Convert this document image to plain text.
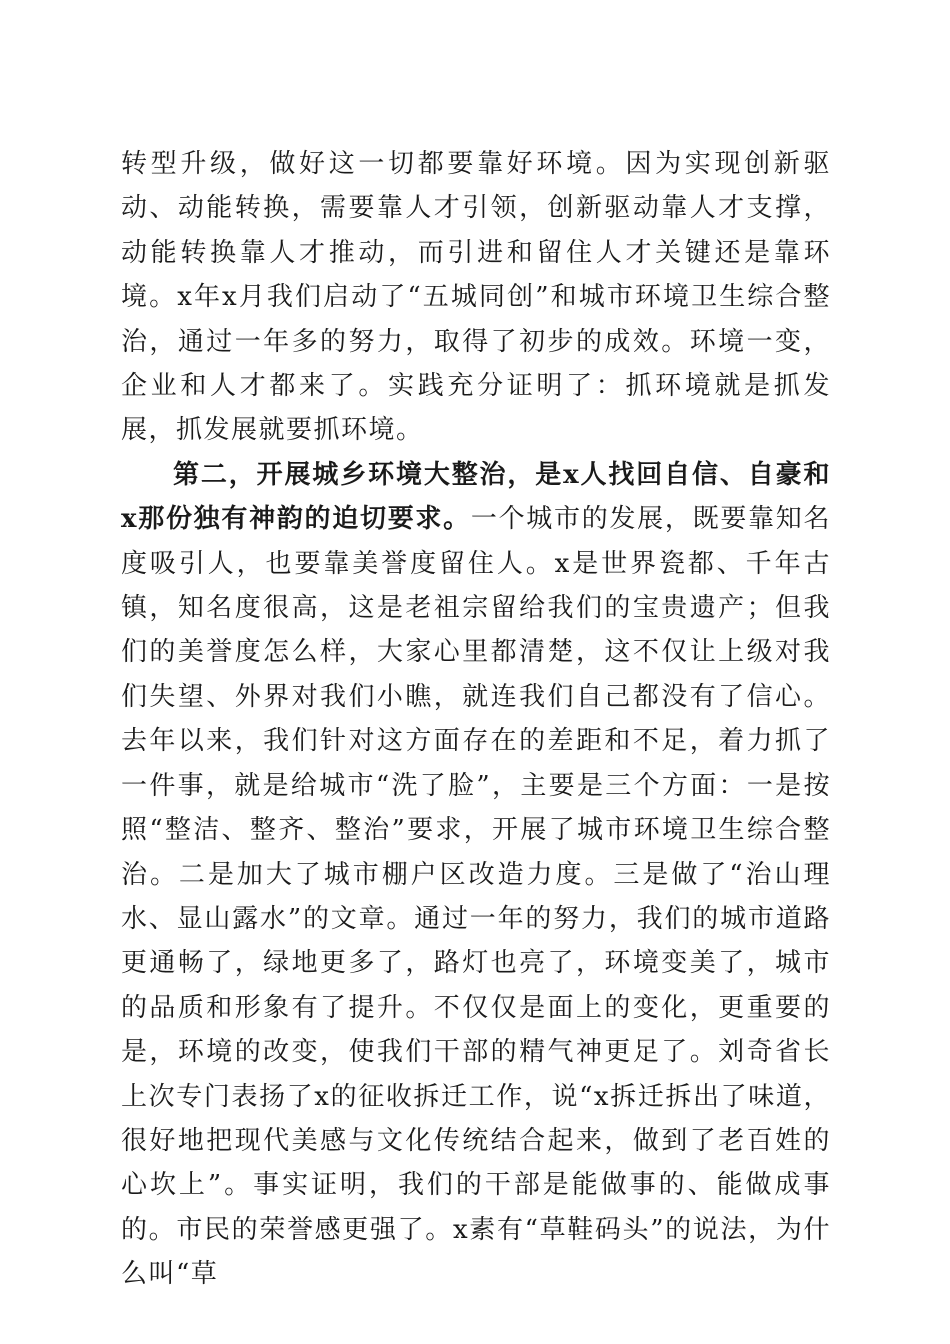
转型升级，做好这一切都要靠好环境。因为实现创新驱动、动能转换，需要靠人才引领，创新驱动靠人才支撑，动能转换靠人才推动，而引进和留住人才关键还是靠环境。x年x月我们启动了“五城同创”和城市环境卫生综合整治，通过一年多的努力，取得了初步的成效。环境一变，企业和人才都来了。实践充分证明了：抓环境就是抓发展，抓发展就要抓环境。

第二，开展城乡环境大整治，是x人找回自信、自豪和x那份独有神韵的迫切要求。一个城市的发展，既要靠知名度吸引人，也要靠美誉度留住人。x是世界瓷都、千年古镇，知名度很高，这是老祖宗留给我们的宝贵遗产；但我们的美誉度怎么样，大家心里都清楚，这不仅让上级对我们失望、外界对我们小瞧，就连我们自己都没有了信心。去年以来，我们针对这方面存在的差距和不足，着力抓了一件事，就是给城市“洗了脸”，主要是三个方面：一是按照“整洁、整齐、整治”要求，开展了城市环境卫生综合整治。二是加大了城市棚户区改造力度。三是做了“治山理水、显山露水”的文章。通过一年的努力，我们的城市道路更通畅了，绿地更多了，路灯也亮了，环境变美了，城市的品质和形象有了提升。不仅仅是面上的变化，更重要的是，环境的改变，使我们干部的精气神更足了。刘奇省长上次专门表扬了x的征收拆迁工作，说“x拆迁拆出了味道，很好地把现代美感与文化传统结合起来，做到了老百姓的心坎上”。事实证明，我们的干部是能做事的、能做成事的。市民的荣誉感更强了。x素有“草鞋码头”的说法，为什么叫“草
